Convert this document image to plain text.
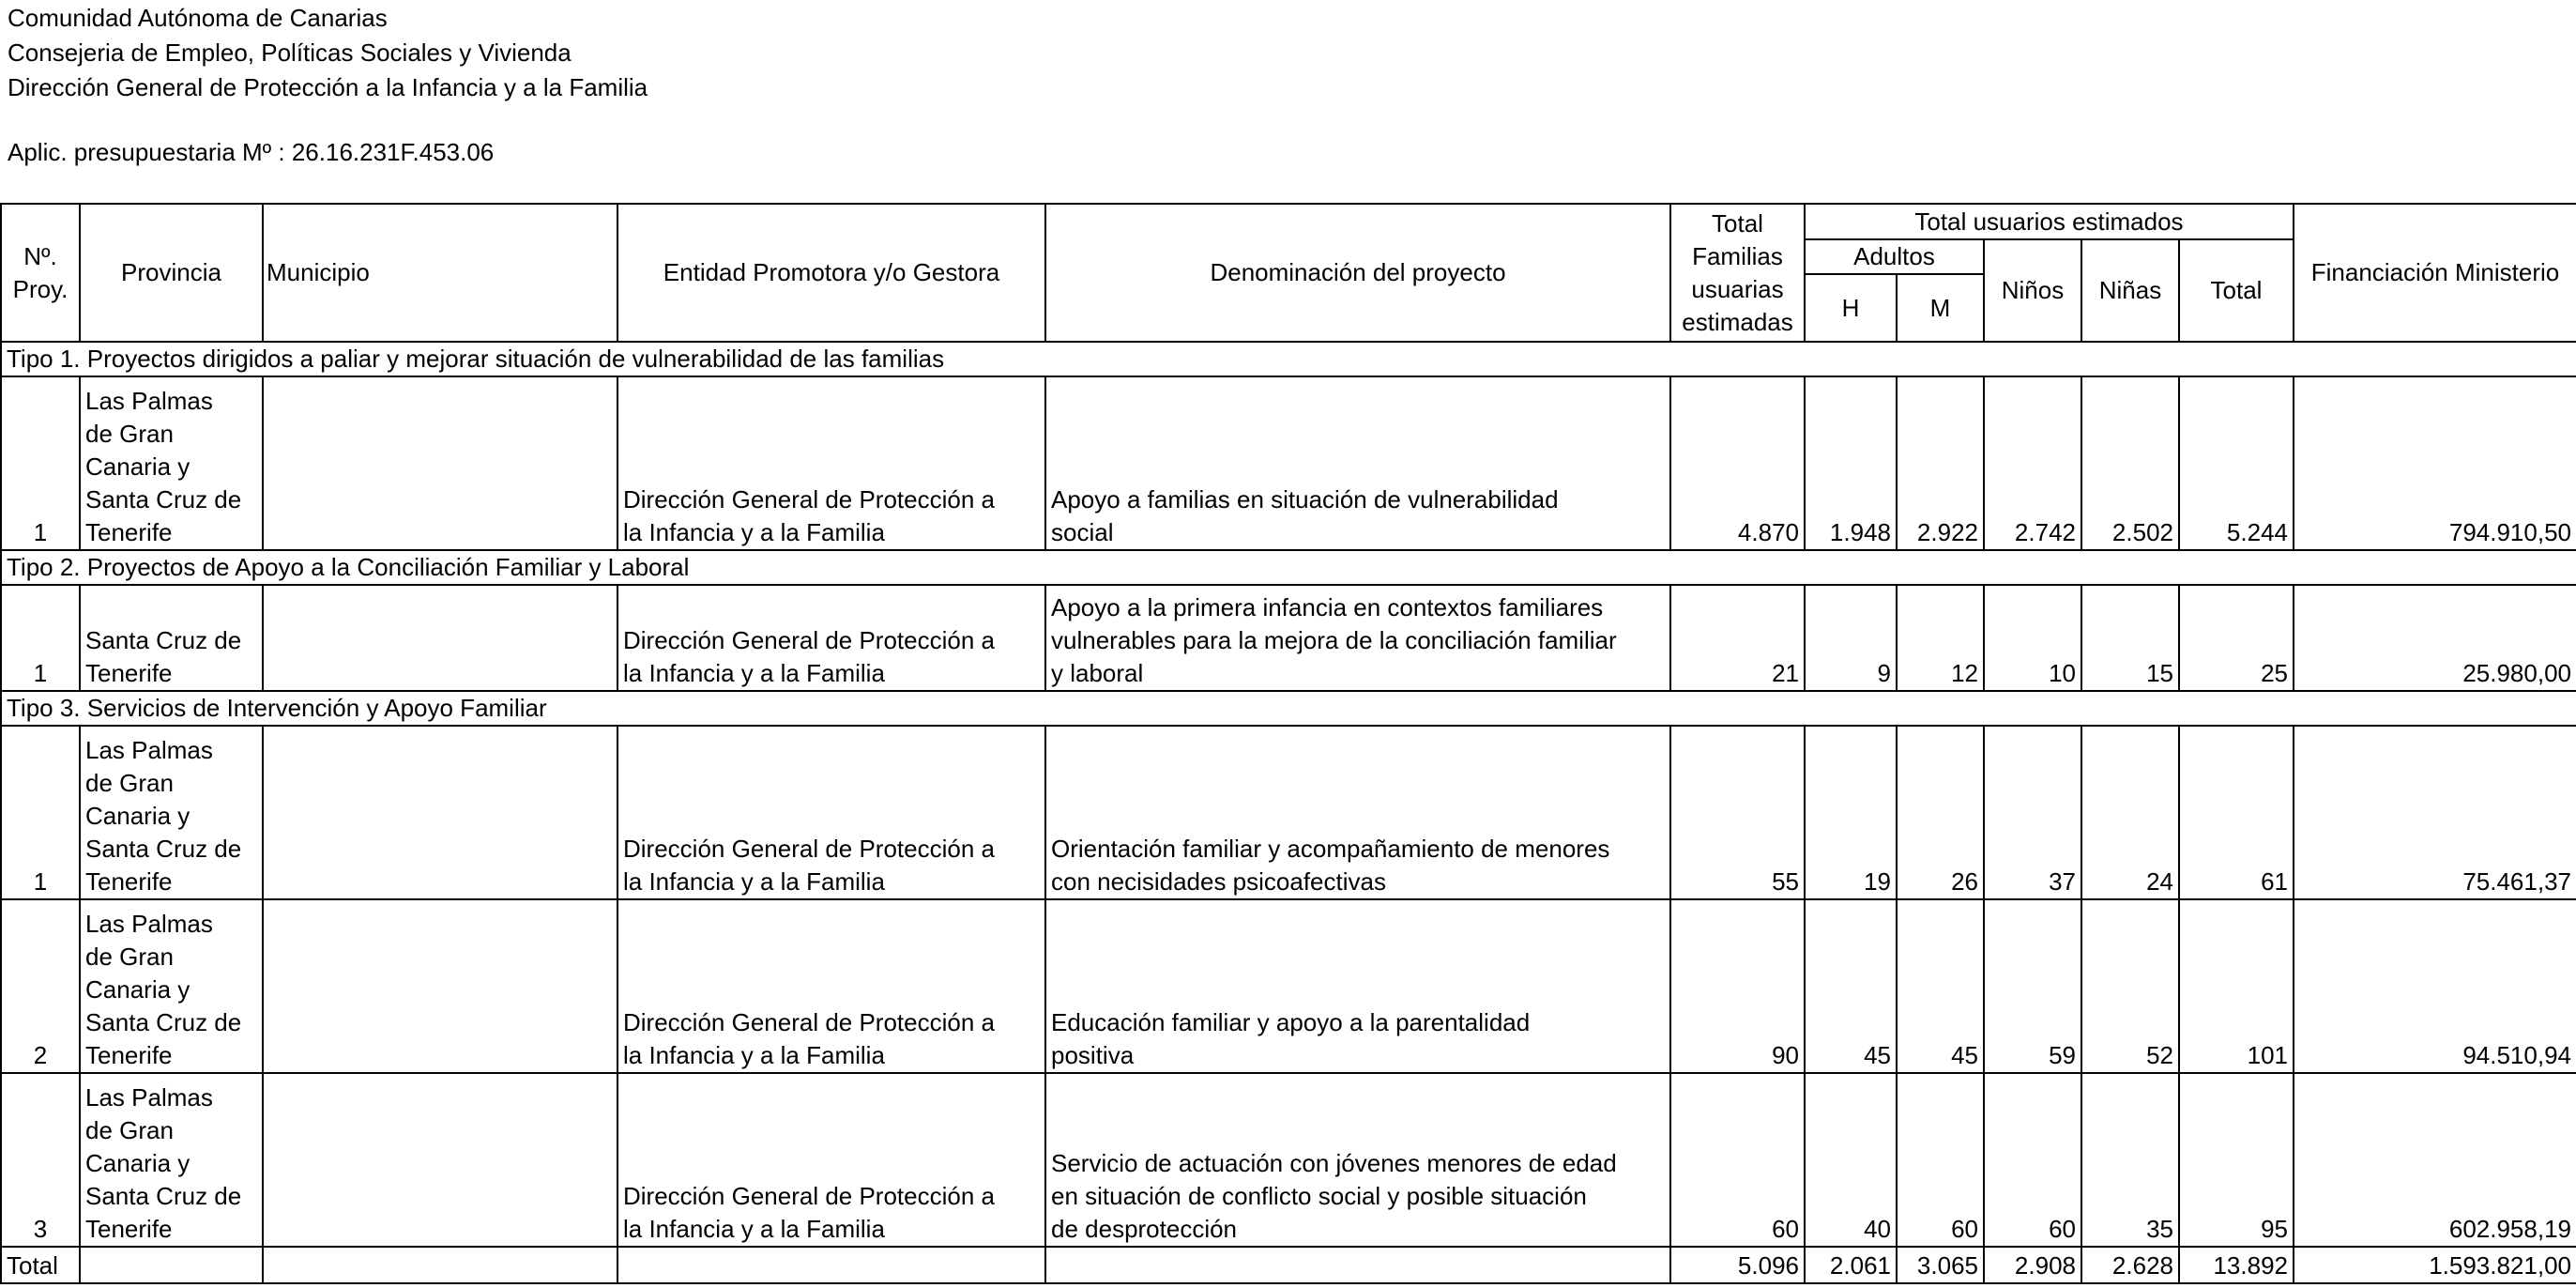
Comunidad Autónoma de Canarias
Consejeria de Empleo, Políticas Sociales y Vivienda
Dirección General de Protección a la Infancia y a la Familia
Aplic. presupuestaria Mº : 26.16.231F.453.06
Nº.
Proy.	Provincia	Municipio	Entidad Promotora y/o Gestora	Denominación del proyecto	Total
Familias
usuarias
estimadas	Total usuarios estimados					Financiación Ministerio
						Adultos		Niños	Niñas	Total	
						H	M				
Tipo 1. Proyectos dirigidos a paliar y mejorar situación de vulnerabilidad de las familias											
1	Las Palmas
de Gran
Canaria y
Santa Cruz de
Tenerife		Dirección General de Protección a
la Infancia y a la Familia	Apoyo a familias en situación de vulnerabilidad
social	4.870	1.948	2.922	2.742	2.502	5.244	794.910,50
Tipo 2. Proyectos de Apoyo a la Conciliación Familiar y Laboral											
1	Santa Cruz de
Tenerife		Dirección General de Protección a
la Infancia y a la Familia	Apoyo a la primera infancia en contextos familiares
vulnerables para la mejora de la conciliación familiar
y laboral	21	9	12	10	15	25	25.980,00
Tipo 3. Servicios de Intervención y Apoyo Familiar											
1	Las Palmas
de Gran
Canaria y
Santa Cruz de
Tenerife		Dirección General de Protección a
la Infancia y a la Familia	Orientación familiar y acompañamiento de menores
con necisidades psicoafectivas	55	19	26	37	24	61	75.461,37
2	Las Palmas
de Gran
Canaria y
Santa Cruz de
Tenerife		Dirección General de Protección a
la Infancia y a la Familia	Educación familiar y apoyo a la parentalidad
positiva	90	45	45	59	52	101	94.510,94
3	Las Palmas
de Gran
Canaria y
Santa Cruz de
Tenerife		Dirección General de Protección a
la Infancia y a la Familia	Servicio de actuación con jóvenes menores de edad
en situación de conflicto social y posible situación
de desprotección	60	40	60	60	35	95	602.958,19
Total					5.096	2.061	3.065	2.908	2.628	13.892	1.593.821,00
